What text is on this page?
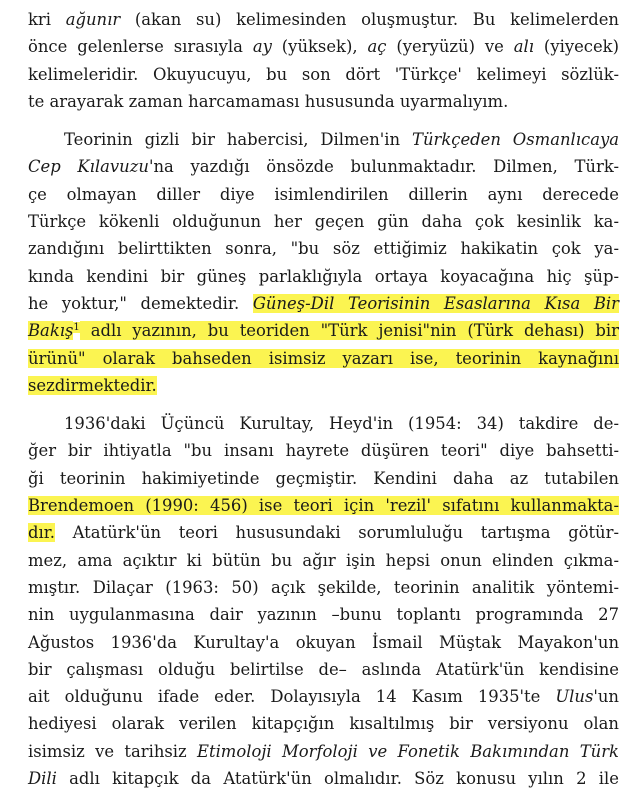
kri ağunır (akan su) kelimesinden oluşmuştur. Bu kelimelerden
önce gelenlerse sırasıyla ay (yüksek), aç (yeryüzü) ve alı (yiyecek)
kelimeleridir. Okuyucuyu, bu son dört 'Türkçe' kelimeyi sözlük-
te arayarak zaman harcamaması hususunda uyarmalıyım.

Teorinin gizli bir habercisi, Dilmen'in Türkçeden Osmanlıcaya
Cep Kılavuzu'na yazdığı önsözde bulunmaktadır. Dilmen, Türk-
çe olmayan diller diye isimlendirilen dillerin aynı derecede
Türkçe kökenli olduğunun her geçen gün daha çok kesinlik ka-
zandığını belirttikten sonra, "bu söz ettiğimiz hakikatin çok ya-
kında kendini bir güneş parlaklığıyla ortaya koyacağına hiç şüp-
he yoktur," demektedir. Güneş-Dil Teorisinin Esaslarına Kısa Bir
Bakış$^1$ adlı yazının, bu teoriden "Türk jenisi"nin (Türk dehası) bir
ürünü" olarak bahseden isimsiz yazarı ise, teorinin kaynağını
sezdirmektedir.

1936'daki Üçüncü Kurultay, Heyd'in (1954: 34) takdire de-
ğer bir ihtiyatla "bu insanı hayrete düşüren teori" diye bahsetti-
ği teorinin hakimiyetinde geçmiştir. Kendini daha az tutabilen
Brendemoen (1990: 456) ise teori için 'rezil' sıfatını kullanmakta-
dır. Atatürk'ün teori hususundaki sorumluluğu tartışma götür-
mez, ama açıktır ki bütün bu ağır işin hepsi onun elinden çıkma-
mıştır. Dilaçar (1963: 50) açık şekilde, teorinin analitik yöntemi-
nin uygulanmasına dair yazının –bunu toplantı programında 27
Ağustos 1936'da Kurultay'a okuyan İsmail Müştak Mayakon'un
bir çalışması olduğu belirtilse de– aslında Atatürk'ün kendisine
ait olduğunu ifade eder. Dolayısıyla 14 Kasım 1935'te Ulus'un
hediyesi olarak verilen kitapçığın kısaltılmış bir versiyonu olan
isimsiz ve tarihsiz Etimoloji Morfoloji ve Fonetik Bakımından Türk
Dili adlı kitapçık da Atatürk'ün olmalıdır. Söz konusu yılın 2 ile
